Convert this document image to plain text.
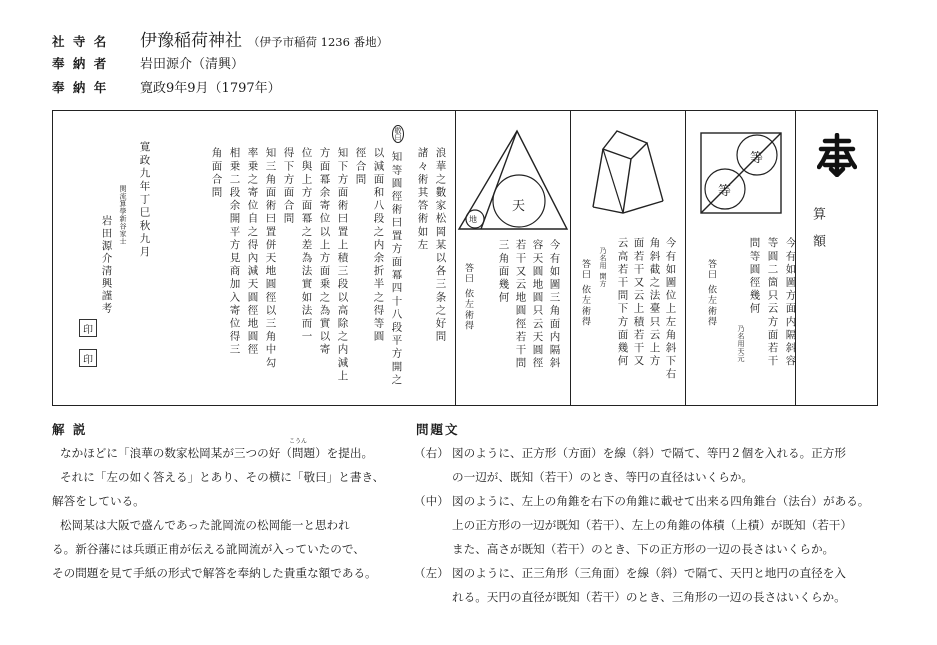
社 寺 名	伊豫稲荷神社 （伊予市稲荷 1236 番地）
奉 納 者	岩田源介（清興）
奉 納 年	寛政9年9月（1797年）
算額
等
等
今有如圖方面内隔斜容
等圓二箇只云方面若干
問等圓徑幾何
乃名用天元
答曰 依左術得
今有如圖位上左角斜下右
角斜截之法臺只云上方
面若干又云上積若干又
云高若干問下方面幾何
乃名用 開方
答曰 依左術得
天
地
今有如圖三角面内隔斜
容天圓地圓只云天圓徑
若干又云地圓徑若干問
三角面幾何
答曰 依左術得
浪華之數家松岡某以各三条之好問
諸々術其答術如左
敬曰
知等圓徑術曰置方面冪四十八段平方開之
以減面和八段之内余折半之得等圓
徑合問
知下方面術曰置上積三段以高除之内減上
方面冪余寄位以上方面乗之為實以寄
位與上方面冪之差為法實如法而一
得下方面合問
知三角面術曰置併天地圓徑以三角中勾
率乗之寄位自之得內減天圓徑地圓徑
相乗二段余開平方見商加入寄位得三
角面合問
寛政九年丁巳秋九月
関流算學新谷家士
岩田源介清興謹考
印
印
解 説
なかほどに「浪華の数家松岡某が三つの好（問題）を提出。
こうん
それに「左の如く答える」とあり、その横に「敬曰」と書き、
解答をしている。
松岡某は大阪で盛んであった訛岡流の松岡能一と思われ
る。新谷藩には兵頭正甫が伝える訛岡流が入っていたので、
その問題を見て手紙の形式で解答を奉納した貴重な額である。
問題文
（右） 図のように、正方形（方面）を線（斜）で隔て、等円２個を入れる。正方形
の一辺が、既知（若干）のとき、等円の直径はいくらか。
（中） 図のように、左上の角錐を右下の角錐に載せて出来る四角錐台（法台）がある。
上の正方形の一辺が既知（若干）、左上の角錐の体積（上積）が既知（若干）
また、高さが既知（若干）のとき、下の正方形の一辺の長さはいくらか。
（左） 図のように、正三角形（三角面）を線（斜）で隔て、天円と地円の直径を入
れる。天円の直径が既知（若干）のとき、三角形の一辺の長さはいくらか。
